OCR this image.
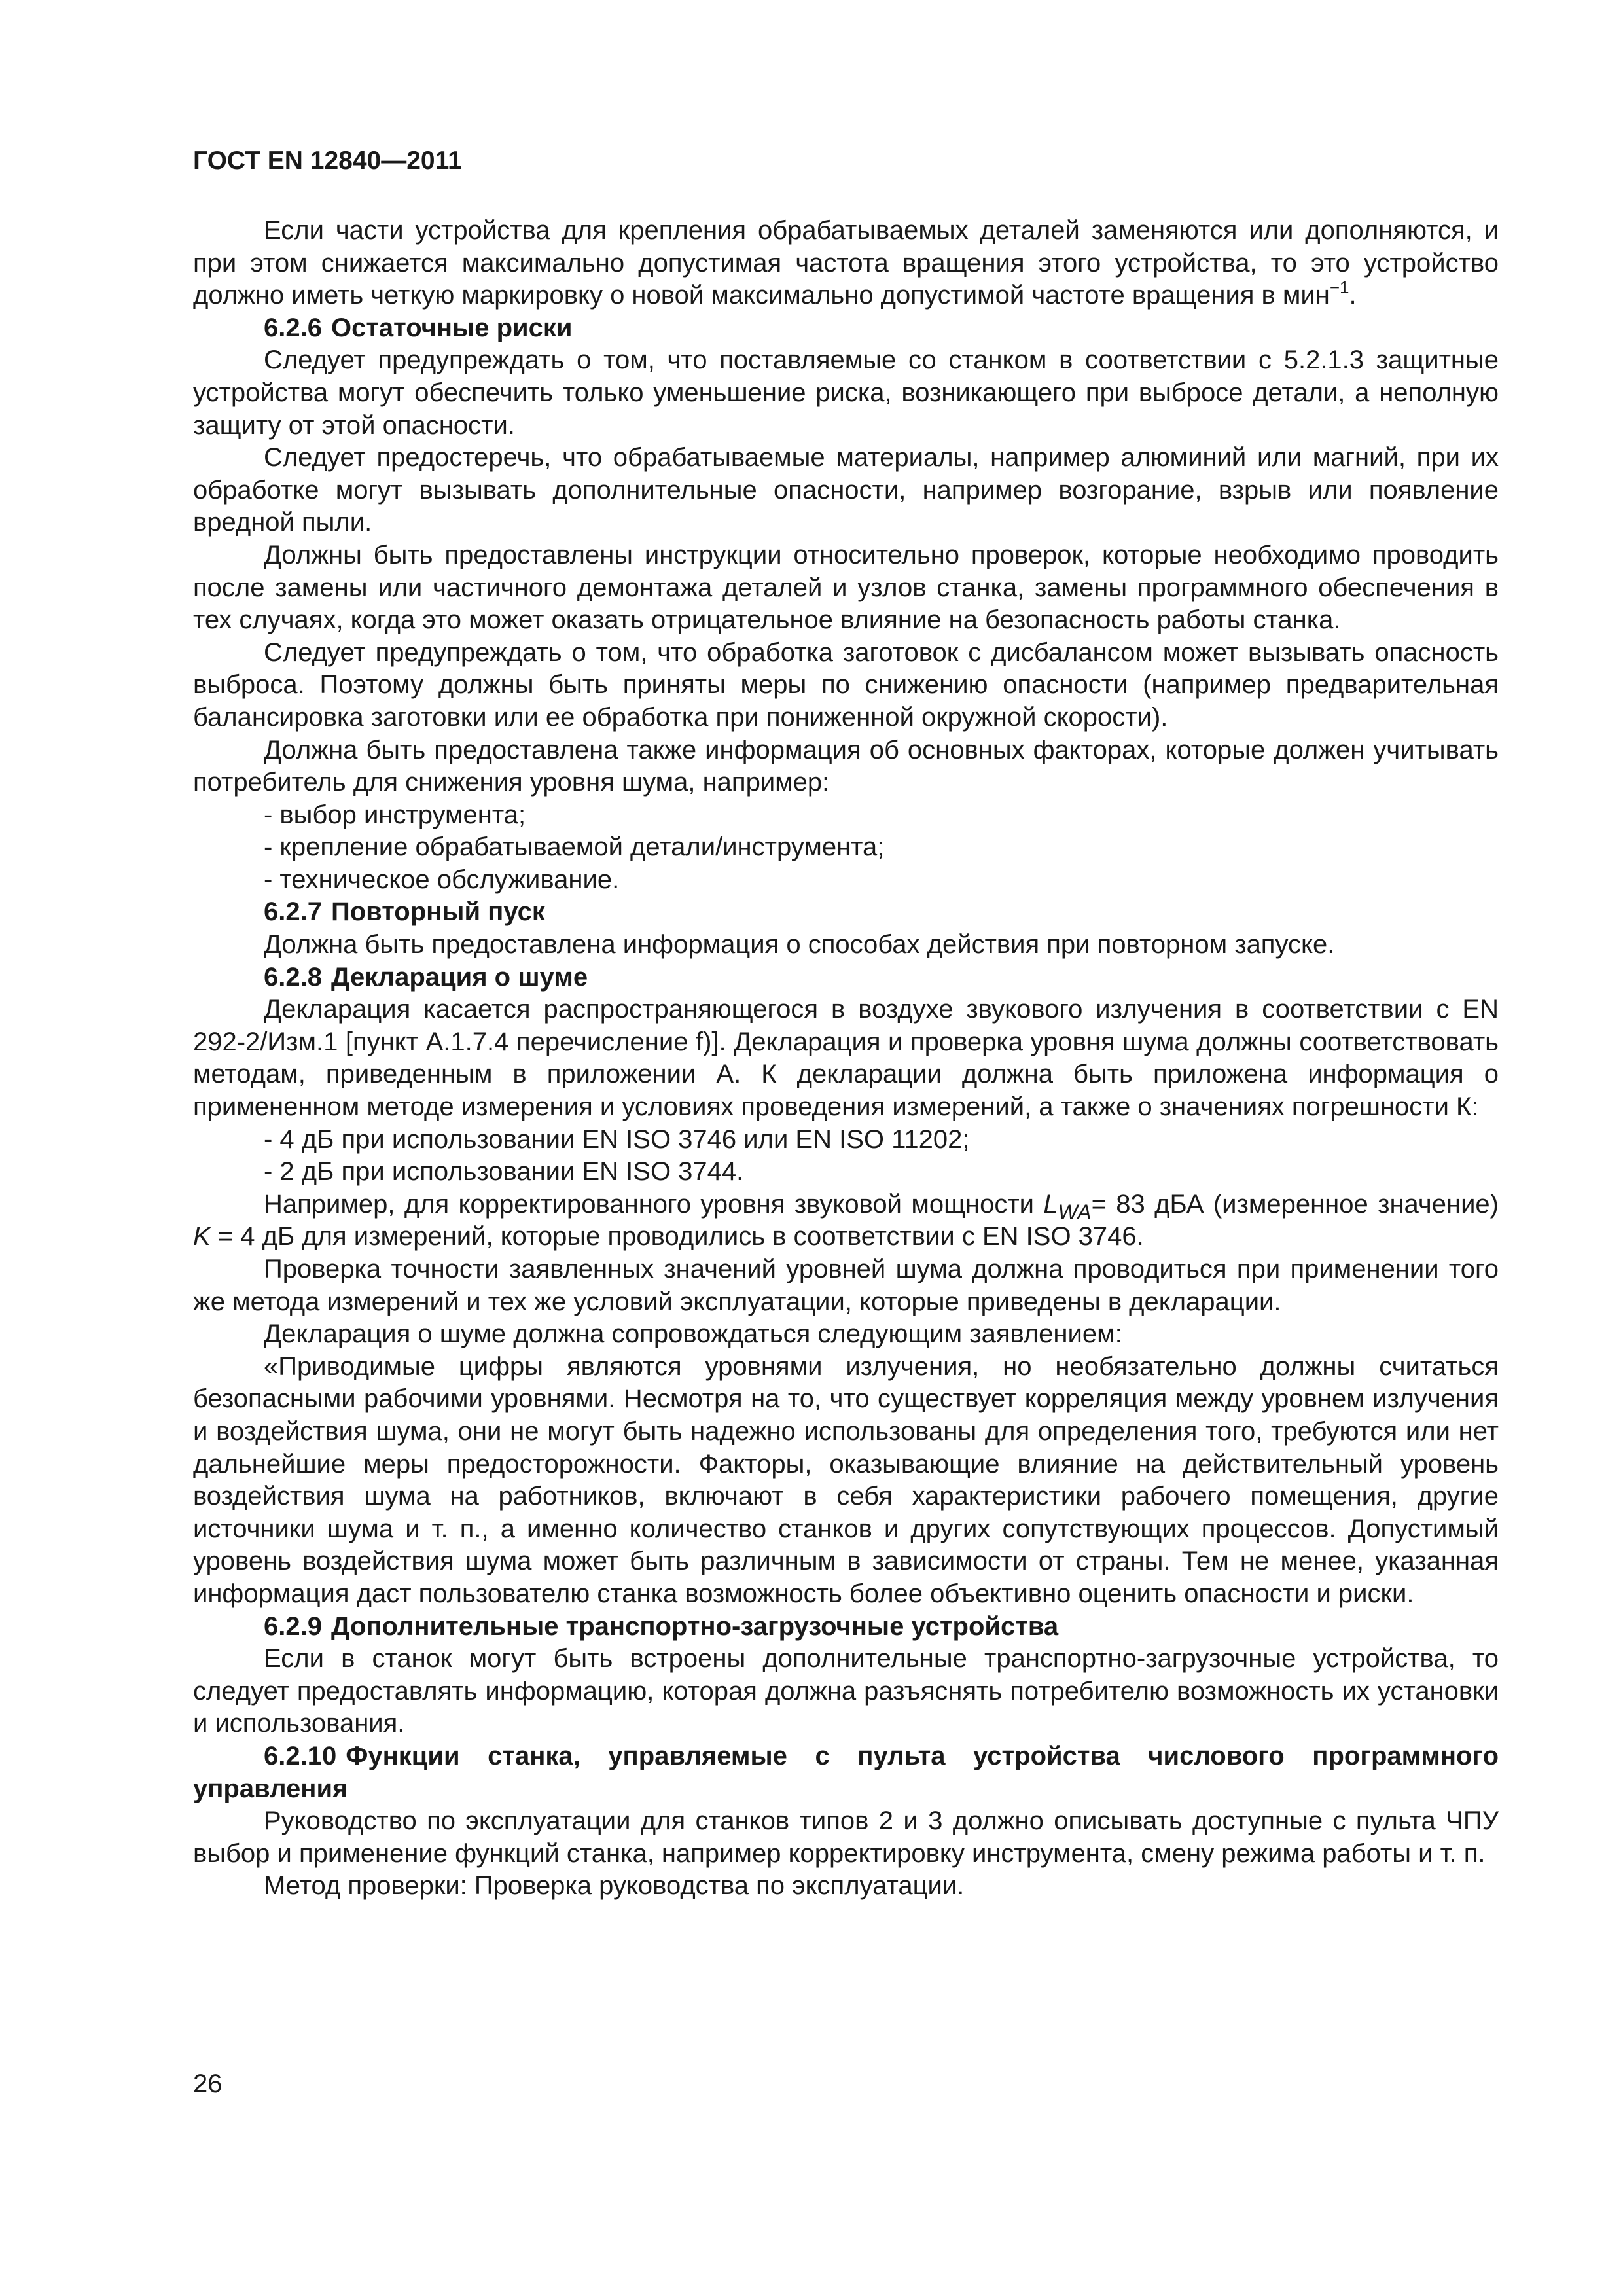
ГОСТ EN 12840—2011

Если части устройства для крепления обрабатываемых деталей заменяются или дополняются, и при этом снижается максимально допустимая частота вращения этого устройства, то это устройство должно иметь четкую маркировку о новой максимально допустимой частоте вращения в мин$^{-1}$.

6.2.6 Остаточные риски

Следует предупреждать о том, что поставляемые со станком в соответствии с 5.2.1.3 защитные устройства могут обеспечить только уменьшение риска, возникающего при выбросе детали, а неполную защиту от этой опасности.

Следует предостеречь, что обрабатываемые материалы, например алюминий или магний, при их обработке могут вызывать дополнительные опасности, например возгорание, взрыв или появление вредной пыли.

Должны быть предоставлены инструкции относительно проверок, которые необходимо проводить после замены или частичного демонтажа деталей и узлов станка, замены программного обеспечения в тех случаях, когда это может оказать отрицательное влияние на безопасность работы станка.

Следует предупреждать о том, что обработка заготовок с дисбалансом может вызывать опасность выброса. Поэтому должны быть приняты меры по снижению опасности (например предварительная балансировка заготовки или ее обработка при пониженной окружной скорости).

Должна быть предоставлена также информация об основных факторах, которые должен учитывать потребитель для снижения уровня шума, например:

- выбор инструмента;
- крепление обрабатываемой детали/инструмента;
- техническое обслуживание.
6.2.7 Повторный пуск

Должна быть предоставлена информация о способах действия при повторном запуске.

6.2.8 Декларация о шуме

Декларация касается распространяющегося в воздухе звукового излучения в соответствии с EN 292-2/Изм.1 [пункт А.1.7.4 перечисление f)]. Декларация и проверка уровня шума должны соответствовать методам, приведенным в приложении А. К декларации должна быть приложена информация о примененном методе измерения и условиях проведения измерений, а также о значениях погрешности К:

- 4 дБ при использовании EN ISO 3746 или EN ISO 11202;
- 2 дБ при использовании EN ISO 3744.

Например, для корректированного уровня звуковой мощности $L_{WA}= 83$ дБА (измеренное значение) K = 4 дБ для измерений, которые проводились в соответствии с EN ISO 3746.

Проверка точности заявленных значений уровней шума должна проводиться при применении того же метода измерений и тех же условий эксплуатации, которые приведены в декларации.

Декларация о шуме должна сопровождаться следующим заявлением:

«Приводимые цифры являются уровнями излучения, но необязательно должны считаться безопасными рабочими уровнями. Несмотря на то, что существует корреляция между уровнем излучения и воздействия шума, они не могут быть надежно использованы для определения того, требуются или нет дальнейшие меры предосторожности. Факторы, оказывающие влияние на действительный уровень воздействия шума на работников, включают в себя характеристики рабочего помещения, другие источники шума и т. п., а именно количество станков и других сопутствующих процессов. Допустимый уровень воздействия шума может быть различным в зависимости от страны. Тем не менее, указанная информация даст пользователю станка возможность более объективно оценить опасности и риски.

6.2.9 Дополнительные транспортно-загрузочные устройства

Если в станок могут быть встроены дополнительные транспортно-загрузочные устройства, то следует предоставлять информацию, которая должна разъяснять потребителю возможность их установки и использования.

6.2.10 Функции станка, управляемые с пульта устройства числового программного управления

Руководство по эксплуатации для станков типов 2 и 3 должно описывать доступные с пульта ЧПУ выбор и применение функций станка, например корректировку инструмента, смену режима работы и т. п.

Метод проверки: Проверка руководства по эксплуатации.

26
